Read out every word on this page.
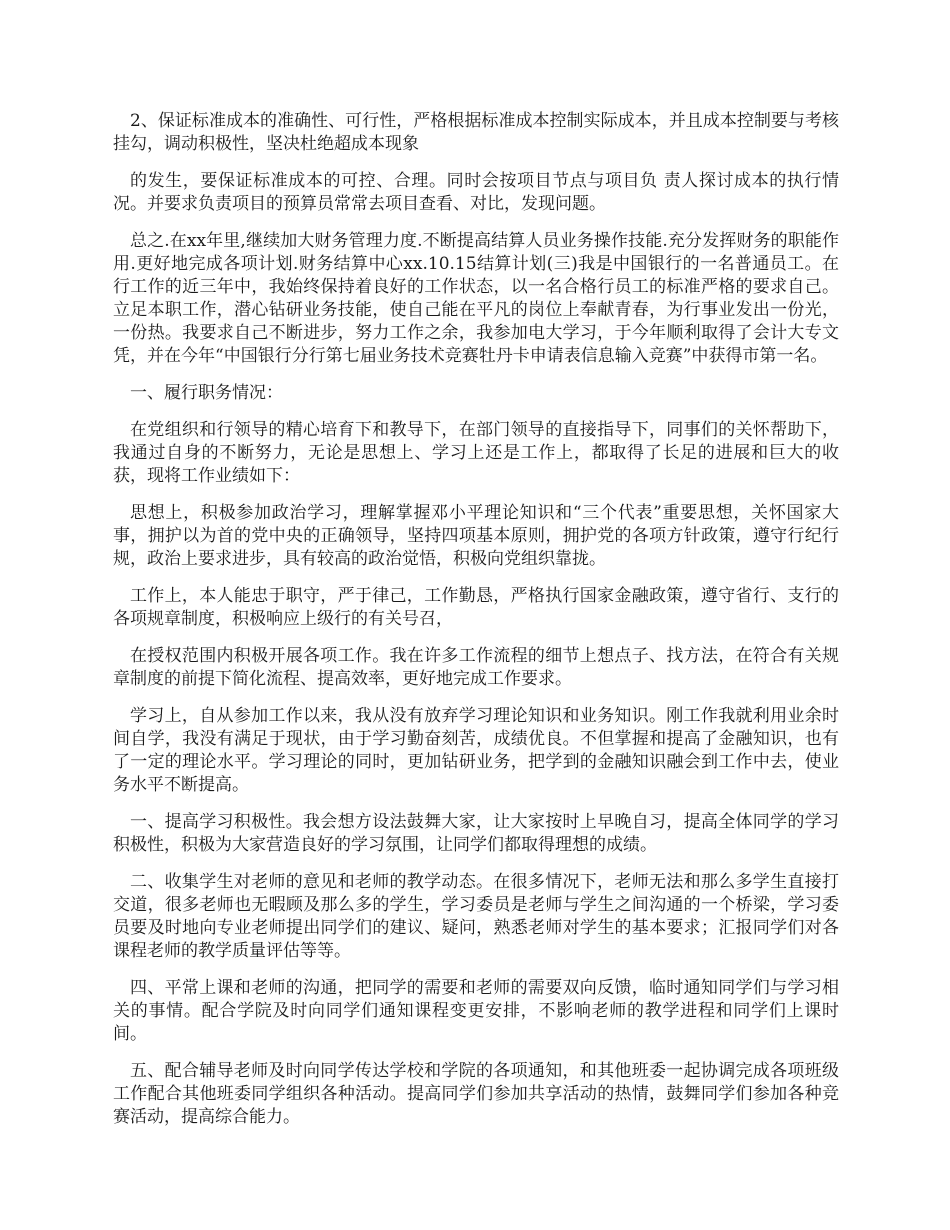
2、保证标准成本的准确性、可行性，严格根据标准成本控制实际成本，并且成本控制要与考核挂勾，调动积极性，坚决杜绝超成本现象

的发生，要保证标准成本的可控、合理。同时会按项目节点与项目负 责人探讨成本的执行情况。并要求负责项目的预算员常常去项目查看、对比，发现问题。

总之.在xx年里,继续加大财务管理力度.不断提高结算人员业务操作技能.充分发挥财务的职能作用.更好地完成各项计划.财务结算中心xx.10.15结算计划(三)我是中国银行的一名普通员工。在行工作的近三年中，我始终保持着良好的工作状态，以一名合格行员工的标准严格的要求自己。立足本职工作，潜心钻研业务技能，使自己能在平凡的岗位上奉献青春，为行事业发出一份光，一份热。我要求自己不断进步，努力工作之余，我参加电大学习，于今年顺利取得了会计大专文凭，并在今年“中国银行分行第七届业务技术竞赛牡丹卡申请表信息输入竞赛”中获得市第一名。

一、履行职务情况：

在党组织和行领导的精心培育下和教导下，在部门领导的直接指导下，同事们的关怀帮助下，我通过自身的不断努力，无论是思想上、学习上还是工作上，都取得了长足的进展和巨大的收获，现将工作业绩如下：

思想上，积极参加政治学习，理解掌握邓小平理论知识和“三个代表”重要思想，关怀国家大事，拥护以为首的党中央的正确领导，坚持四项基本原则，拥护党的各项方针政策，遵守行纪行规，政治上要求进步，具有较高的政治觉悟，积极向党组织靠拢。

工作上，本人能忠于职守，严于律己，工作勤恳，严格执行国家金融政策，遵守省行、支行的各项规章制度，积极响应上级行的有关号召，

在授权范围内积极开展各项工作。我在许多工作流程的细节上想点子、找方法，在符合有关规章制度的前提下简化流程、提高效率，更好地完成工作要求。

学习上，自从参加工作以来，我从没有放弃学习理论知识和业务知识。刚工作我就利用业余时间自学，我没有满足于现状，由于学习勤奋刻苦，成绩优良。不但掌握和提高了金融知识，也有了一定的理论水平。学习理论的同时，更加钻研业务，把学到的金融知识融会到工作中去，使业务水平不断提高。

一、提高学习积极性。我会想方设法鼓舞大家，让大家按时上早晚自习，提高全体同学的学习积极性，积极为大家营造良好的学习氛围，让同学们都取得理想的成绩。

二、收集学生对老师的意见和老师的教学动态。在很多情况下，老师无法和那么多学生直接打交道，很多老师也无暇顾及那么多的学生，学习委员是老师与学生之间沟通的一个桥梁，学习委员要及时地向专业老师提出同学们的建议、疑问，熟悉老师对学生的基本要求；汇报同学们对各课程老师的教学质量评估等等。

四、平常上课和老师的沟通，把同学的需要和老师的需要双向反馈，临时通知同学们与学习相关的事情。配合学院及时向同学们通知课程变更安排，不影响老师的教学进程和同学们上课时间。

五、配合辅导老师及时向同学传达学校和学院的各项通知，和其他班委一起协调完成各项班级工作配合其他班委同学组织各种活动。提高同学们参加共享活动的热情，鼓舞同学们参加各种竞赛活动，提高综合能力。
